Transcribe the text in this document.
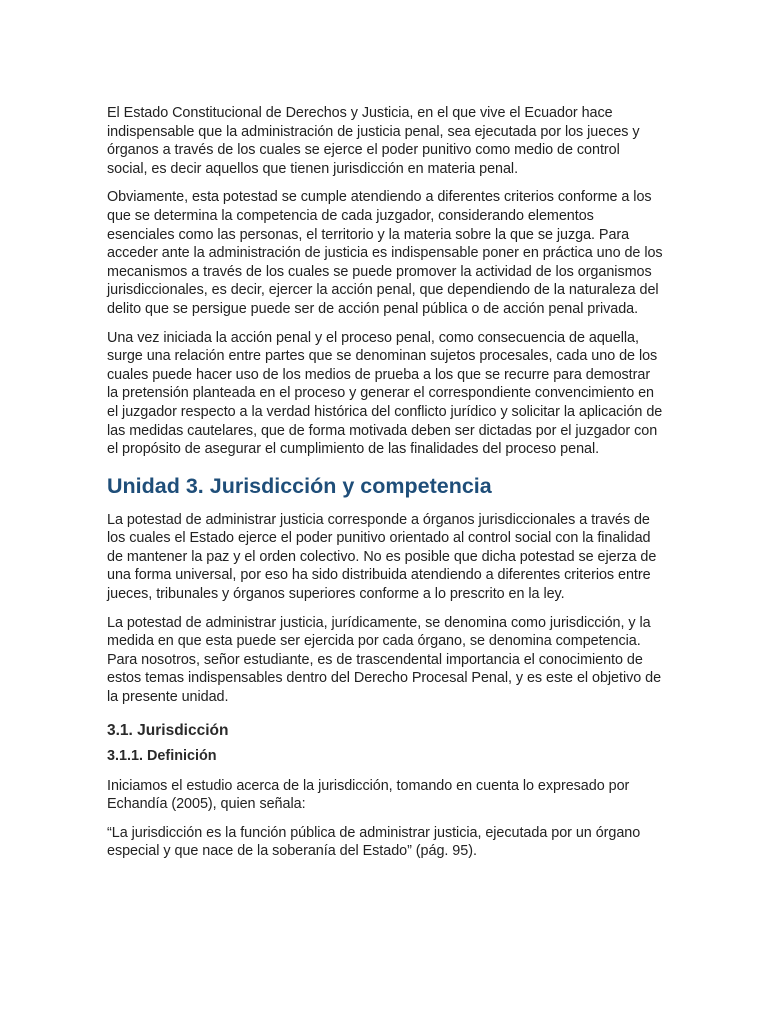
El Estado Constitucional de Derechos y Justicia, en el que vive el Ecuador hace indispensable que la administración de justicia penal, sea ejecutada por los jueces y órganos a través de los cuales se ejerce el poder punitivo como medio de control social, es decir aquellos que tienen jurisdicción en materia penal.

Obviamente, esta potestad se cumple atendiendo a diferentes criterios conforme a los que se determina la competencia de cada juzgador, considerando elementos esenciales como las personas, el territorio y la materia sobre la que se juzga. Para acceder ante la administración de justicia es indispensable poner en práctica uno de los mecanismos a través de los cuales se puede promover la actividad de los organismos jurisdiccionales, es decir, ejercer la acción penal, que dependiendo de la naturaleza del delito que se persigue puede ser de acción penal pública o de acción penal privada.

Una vez iniciada la acción penal y el proceso penal, como consecuencia de aquella, surge una relación entre partes que se denominan sujetos procesales, cada uno de los cuales puede hacer uso de los medios de prueba a los que se recurre para demostrar la pretensión planteada en el proceso y generar el correspondiente convencimiento en el juzgador respecto a la verdad histórica del conflicto jurídico y solicitar la aplicación de las medidas cautelares, que de forma motivada deben ser dictadas por el juzgador con el propósito de asegurar el cumplimiento de las finalidades del proceso penal.

Unidad 3. Jurisdicción y competencia

La potestad de administrar justicia corresponde a órganos jurisdiccionales a través de los cuales el Estado ejerce el poder punitivo orientado al control social con la finalidad de mantener la paz y el orden colectivo. No es posible que dicha potestad se ejerza de una forma universal, por eso ha sido distribuida atendiendo a diferentes criterios entre jueces, tribunales y órganos superiores conforme a lo prescrito en la ley.

La potestad de administrar justicia, jurídicamente, se denomina como jurisdicción, y la medida en que esta puede ser ejercida por cada órgano, se denomina competencia. Para nosotros, señor estudiante, es de trascendental importancia el conocimiento de estos temas indispensables dentro del Derecho Procesal Penal, y es este el objetivo de la presente unidad.

3.1. Jurisdicción
3.1.1. Definición

Iniciamos el estudio acerca de la jurisdicción, tomando en cuenta lo expresado por Echandía (2005), quien señala:

“La jurisdicción es la función pública de administrar justicia, ejecutada por un órgano especial y que nace de la soberanía del Estado” (pág. 95).
